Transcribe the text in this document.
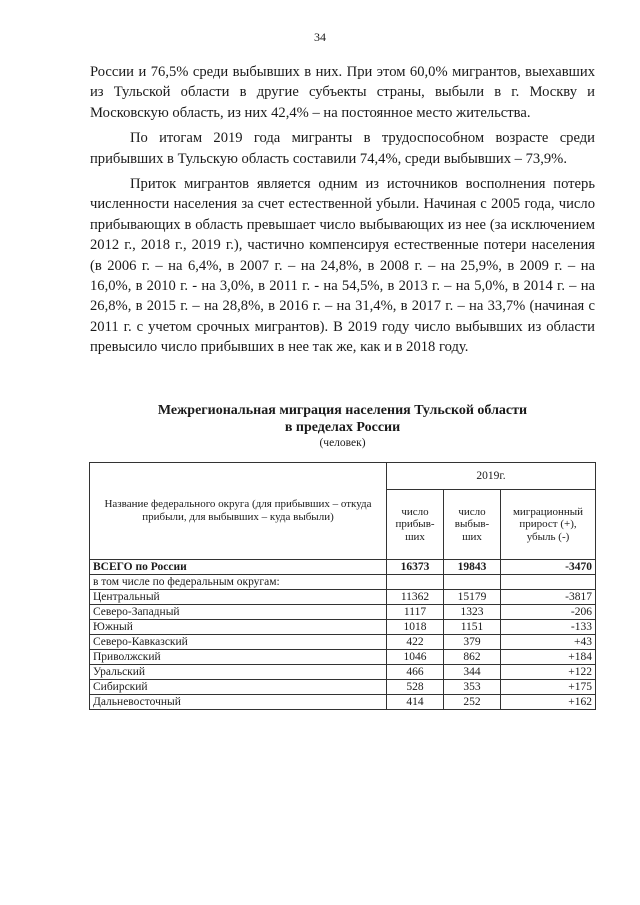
34

России и 76,5% среди выбывших в них. При этом 60,0% мигрантов, выехавших из Тульской области в другие субъекты страны, выбыли в г. Москву и Московскую область, из них 42,4% – на постоянное место жительства.

По итогам 2019 года мигранты в трудоспособном возрасте среди прибывших в Тульскую область составили 74,4%, среди выбывших – 73,9%.

Приток мигрантов является одним из источников восполнения потерь численности населения за счет естественной убыли. Начиная с 2005 года, число прибывающих в область превышает число выбывающих из нее (за исключением 2012 г., 2018 г., 2019 г.), частично компенсируя естественные потери населения (в 2006 г. – на 6,4%, в 2007 г. – на 24,8%, в 2008 г. – на 25,9%, в 2009 г. – на 16,0%, в 2010 г. - на 3,0%, в 2011 г. - на 54,5%, в 2013 г. – на 5,0%, в 2014 г. – на 26,8%, в 2015 г. – на 28,8%, в 2016 г. – на 31,4%, в 2017 г. – на 33,7% (начиная с 2011 г. с учетом срочных мигрантов). В 2019 году число выбывших из области превысило число прибывших в нее так же, как и в 2018 году.

Межрегиональная миграция населения Тульской области
в пределах России
(человек)
Название федерального округа (для прибывших – откуда прибыли, для выбывших – куда выбыли)	2019г.		
	число прибыв-ших	число выбыв-ших	миграционный прирост (+), убыль (-)
ВСЕГО по России	16373	19843	-3470
в том числе по федеральным округам:			
Центральный	11362	15179	-3817
Северо-Западный	1117	1323	-206
Южный	1018	1151	-133
Северо-Кавказский	422	379	+43
Приволжский	1046	862	+184
Уральский	466	344	+122
Сибирский	528	353	+175
Дальневосточный	414	252	+162
